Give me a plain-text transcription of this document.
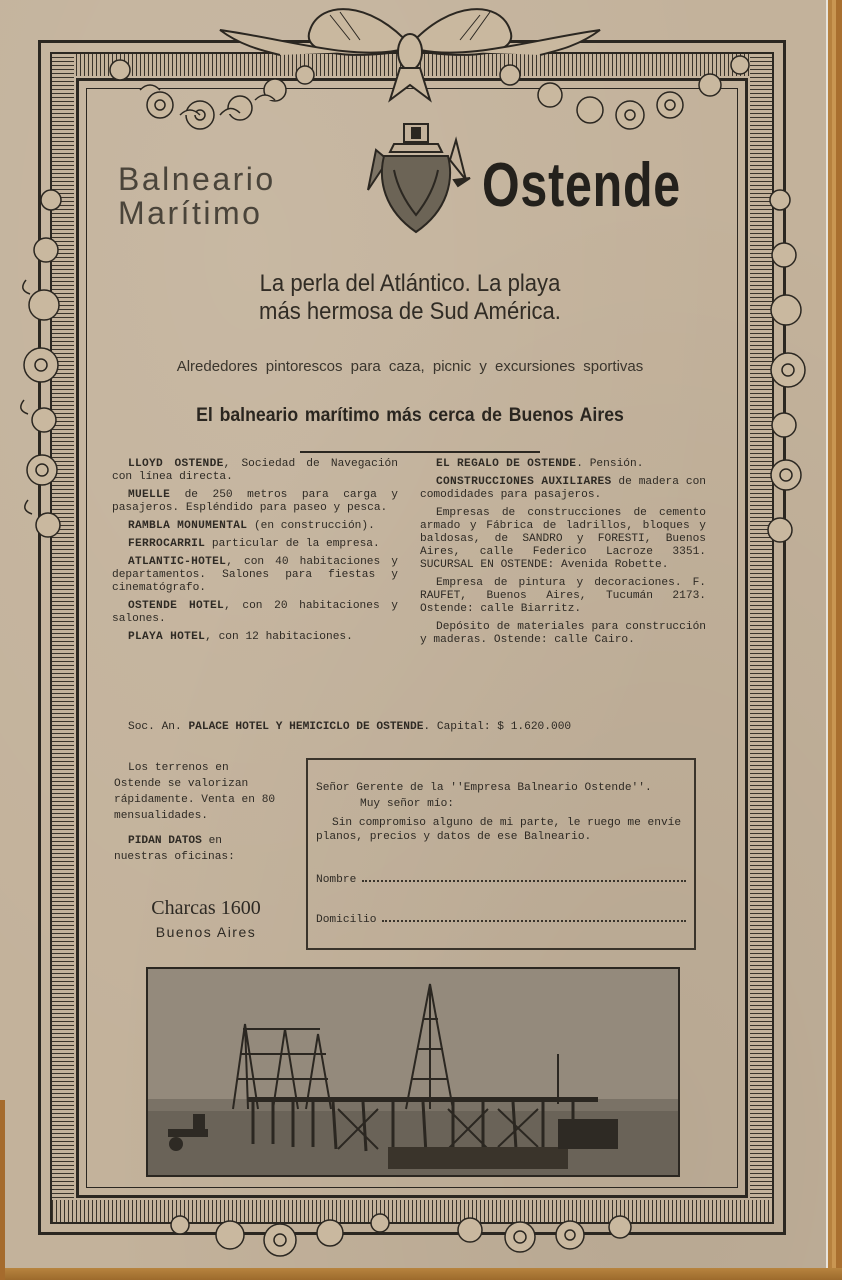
Balneario
Marítimo	Ostende
La perla del Atlántico. La playa
más hermosa de Sud América.
Alrededores pintorescos para caza, picnic y excursiones sportivas
El balneario marítimo más cerca de Buenos Aires

LLOYD OSTENDE, Sociedad de Navegación con línea directa.

MUELLE de 250 metros para carga y pasajeros. Espléndido para paseo y pesca.

RAMBLA MONUMENTAL (en construcción).

FERROCARRIL particular de la empresa.

ATLANTIC-HOTEL, con 40 habitaciones y departamentos. Salones para fiestas y cinematógrafo.

OSTENDE HOTEL, con 20 habitaciones y salones.

PLAYA HOTEL, con 12 habitaciones.

EL REGALO DE OSTENDE. Pensión.

CONSTRUCCIONES AUXILIARES de madera con comodidades para pasajeros.

Empresas de construcciones de cemento armado y Fábrica de ladrillos, bloques y baldosas, de SANDRO y FORESTI, Buenos Aires, calle Federico Lacroze 3351. SUCURSAL EN OSTENDE: Avenida Robette.

Empresa de pintura y decoraciones. F. RAUFET, Buenos Aires, Tucumán 2173. Ostende: calle Biarritz.

Depósito de materiales para construcción y maderas. Ostende: calle Cairo.

Soc. An. PALACE HOTEL Y HEMICICLO DE OSTENDE. Capital: $ 1.620.000

Los terrenos en Ostende se valorizan rápidamente. Venta en 80 mensualidades.

PIDAN DATOS en nuestras oficinas:

Charcas 1600
Buenos Aires
Señor Gerente de la ''Empresa Balneario Ostende''.
Muy señor mío:
Sin compromiso alguno de mi parte, le ruego me envíe planos, precios y datos de ese Balneario.
Nombre
Domicilio
